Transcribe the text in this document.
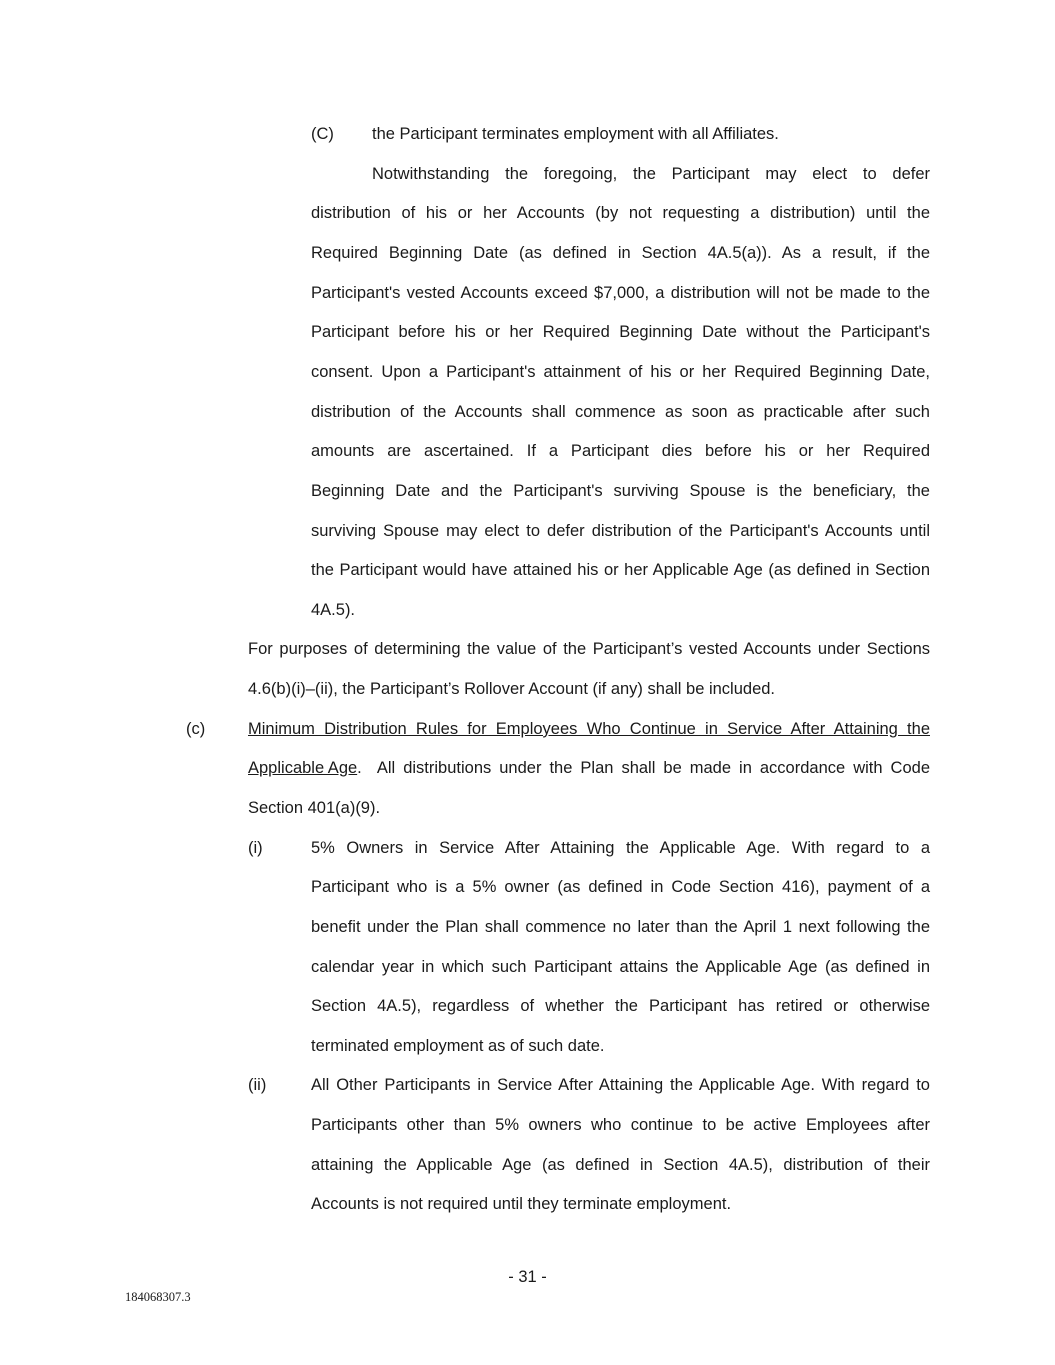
(C) the Participant terminates employment with all Affiliates.
Notwithstanding the foregoing, the Participant may elect to defer
distribution of his or her Accounts (by not requesting a distribution) until the
Required Beginning Date (as defined in Section 4A.5(a)). As a result, if the
Participant's vested Accounts exceed $7,000, a distribution will not be made to the
Participant before his or her Required Beginning Date without the Participant's
consent. Upon a Participant's attainment of his or her Required Beginning Date,
distribution of the Accounts shall commence as soon as practicable after such
amounts are ascertained. If a Participant dies before his or her Required
Beginning Date and the Participant's surviving Spouse is the beneficiary, the
surviving Spouse may elect to defer distribution of the Participant's Accounts until
the Participant would have attained his or her Applicable Age (as defined in Section
4A.5).
For purposes of determining the value of the Participant’s vested Accounts under Sections
4.6(b)(i)–(ii), the Participant’s Rollover Account (if any) shall be included.
(c)	Minimum Distribution Rules for Employees Who Continue in Service After Attaining the
Applicable Age .  All distributions under the Plan shall be made in accordance with Code
Section 401(a)(9).
(i)	5% Owners in Service After Attaining the Applicable Age. With regard to a
Participant who is a 5% owner (as defined in Code Section 416), payment of a
benefit under the Plan shall commence no later than the April 1 next following the
calendar year in which such Participant attains the Applicable Age (as defined in
Section 4A.5), regardless of whether the Participant has retired or otherwise
terminated employment as of such date.
(ii)	All Other Participants in Service After Attaining the Applicable Age. With regard to
Participants other than 5% owners who continue to be active Employees after
attaining the Applicable Age (as defined in Section 4A.5), distribution of their
Accounts is not required until they terminate employment.
- 31 -
184068307.3
